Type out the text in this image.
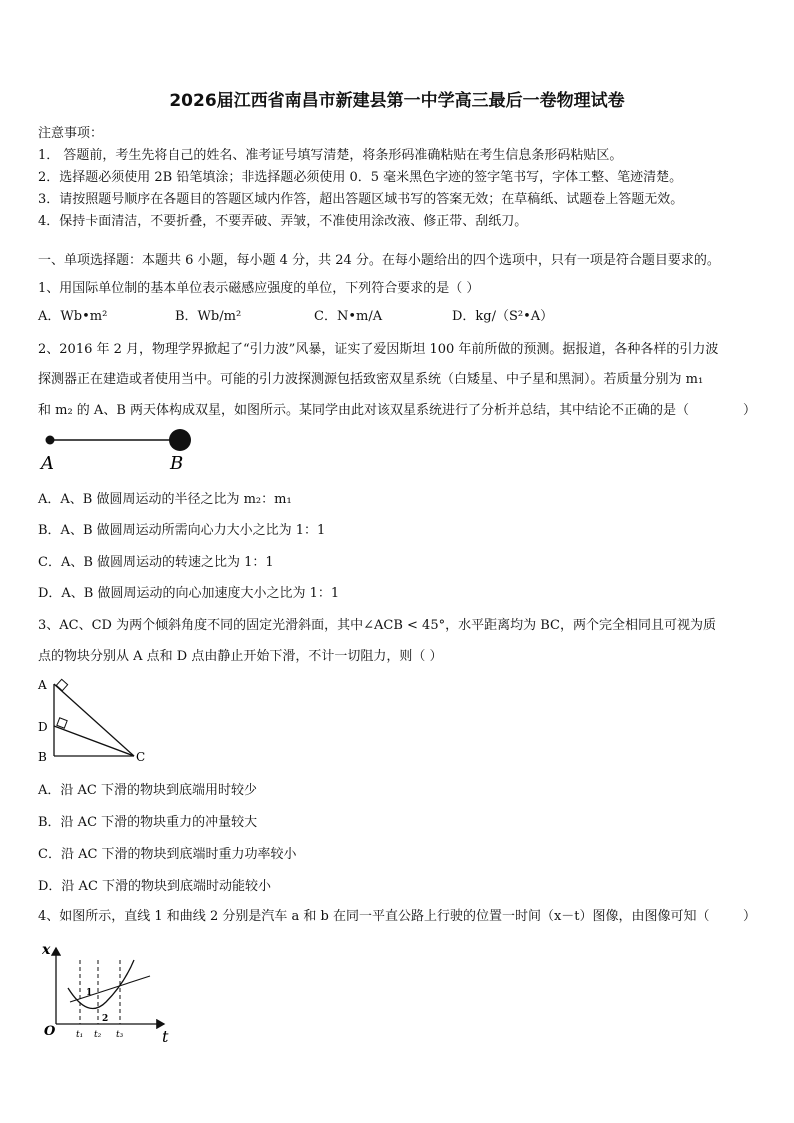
2026届江西省南昌市新建县第一中学高三最后一卷物理试卷
注意事项：
1． 答题前，考生先将自己的姓名、准考证号填写清楚，将条形码准确粘贴在考生信息条形码粘贴区。
2．选择题必须使用 2B 铅笔填涂；非选择题必须使用 0．5 毫米黑色字迹的签字笔书写，字体工整、笔迹清楚。
3．请按照题号顺序在各题目的答题区域内作答，超出答题区域书写的答案无效；在草稿纸、试题卷上答题无效。
4．保持卡面清洁，不要折叠，不要弄破、弄皱，不准使用涂改液、修正带、刮纸刀。
一、单项选择题：本题共 6 小题，每小题 4 分，共 24 分。在每小题给出的四个选项中，只有一项是符合题目要求的。
1、用国际单位制的基本单位表示磁感应强度的单位，下列符合要求的是（ ）
A．Wb•m²	B．Wb/m²	C．N•m/A	D．kg/（S²•A）
2、2016 年 2 月，物理学界掀起了“引力波”风暴，证实了爱因斯坦 100 年前所做的预测。据报道，各种各样的引力波
探测器正在建造或者使用当中。可能的引力波探测源包括致密双星系统（白矮星、中子星和黑洞）。若质量分别为 m₁
和 m₂ 的 A、B 两天体构成双星，如图所示。某同学由此对该双星系统进行了分析并总结，其中结论不正确的是（	）
A	B
A．A、B 做圆周运动的半径之比为 m₂：m₁
B．A、B 做圆周运动所需向心力大小之比为 1：1
C．A、B 做圆周运动的转速之比为 1：1
D．A、B 做圆周运动的向心加速度大小之比为 1：1
3、AC、CD 为两个倾斜角度不同的固定光滑斜面，其中∠ACB < 45°，水平距离均为 BC，两个完全相同且可视为质
点的物块分别从 A 点和 D 点由静止开始下滑，不计一切阻力，则（ ）
A
D
B	C
A．沿 AC 下滑的物块到底端用时较少
B．沿 AC 下滑的物块重力的冲量较大
C．沿 AC 下滑的物块到底端时重力功率较小
D．沿 AC 下滑的物块到底端时动能较小
4、如图所示，直线 1 和曲线 2 分别是汽车 a 和 b 在同一平直公路上行驶的位置一时间（x－t）图像，由图像可知（	）
x
t
O t₁ t₂ t₃
1
2
